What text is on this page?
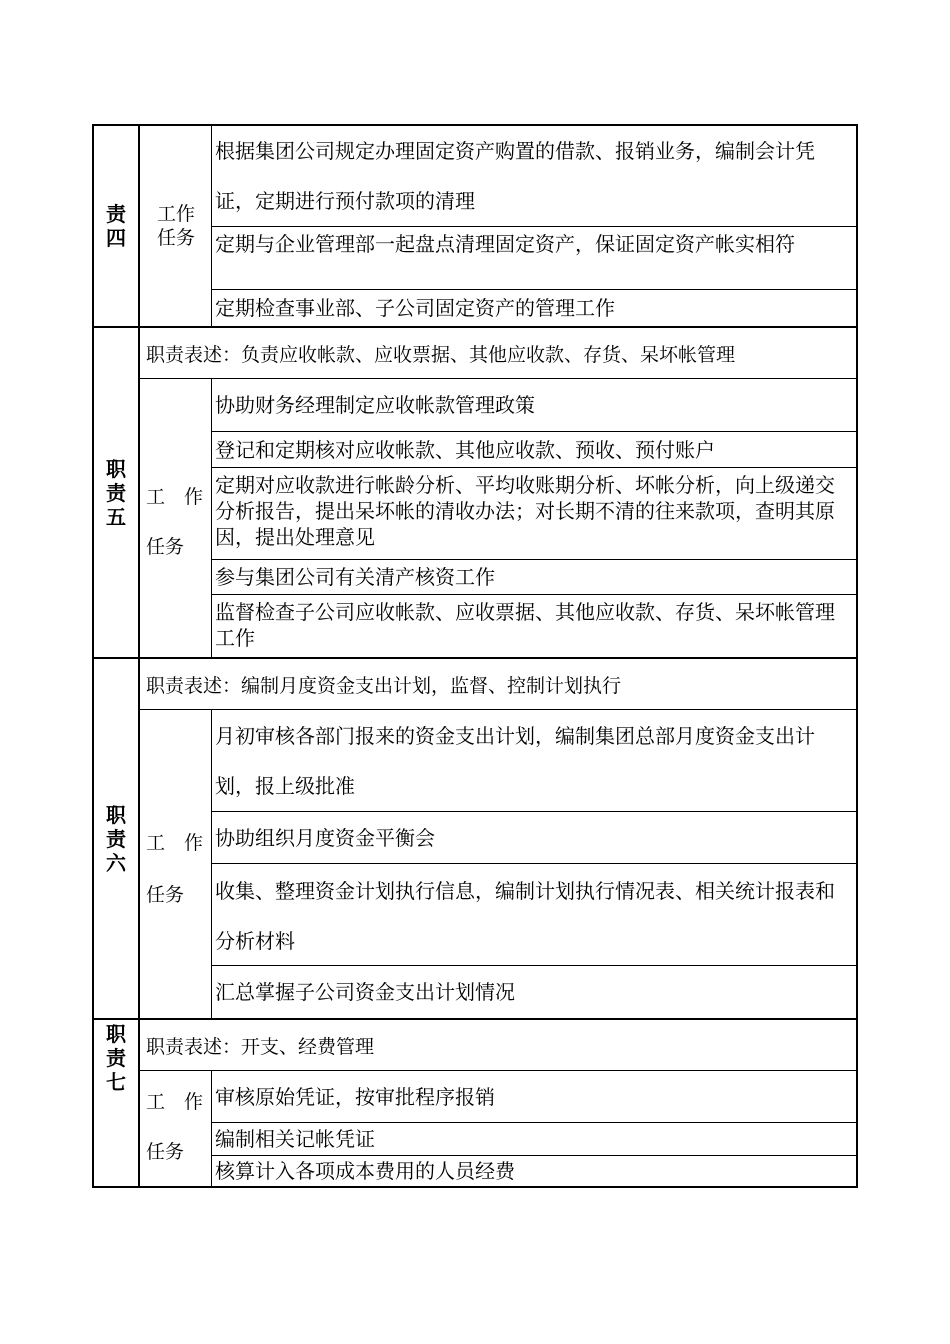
责四
工作任务
根据集团公司规定办理固定资产购置的借款、报销业务，编制会计凭证，定期进行预付款项的清理
定期与企业管理部一起盘点清理固定资产，保证固定资产帐实相符
定期检查事业部、子公司固定资产的管理工作
职责五
职责表述：负责应收帐款、应收票据、其他应收款、存货、呆坏帐管理
工　作
任务
协助财务经理制定应收帐款管理政策
登记和定期核对应收帐款、其他应收款、预收、预付账户
定期对应收款进行帐龄分析、平均收账期分析、坏帐分析，向上级递交分析报告，提出呆坏帐的清收办法；对长期不清的往来款项，查明其原因，提出处理意见
参与集团公司有关清产核资工作
监督检查子公司应收帐款、应收票据、其他应收款、存货、呆坏帐管理工作
职责六
职责表述：编制月度资金支出计划，监督、控制计划执行
工　作
任务
月初审核各部门报来的资金支出计划，编制集团总部月度资金支出计划，报上级批准
协助组织月度资金平衡会
收集、整理资金计划执行信息，编制计划执行情况表、相关统计报表和分析材料
汇总掌握子公司资金支出计划情况
职责七
职责表述：开支、经费管理
工　作
任务
审核原始凭证，按审批程序报销
编制相关记帐凭证
核算计入各项成本费用的人员经费
